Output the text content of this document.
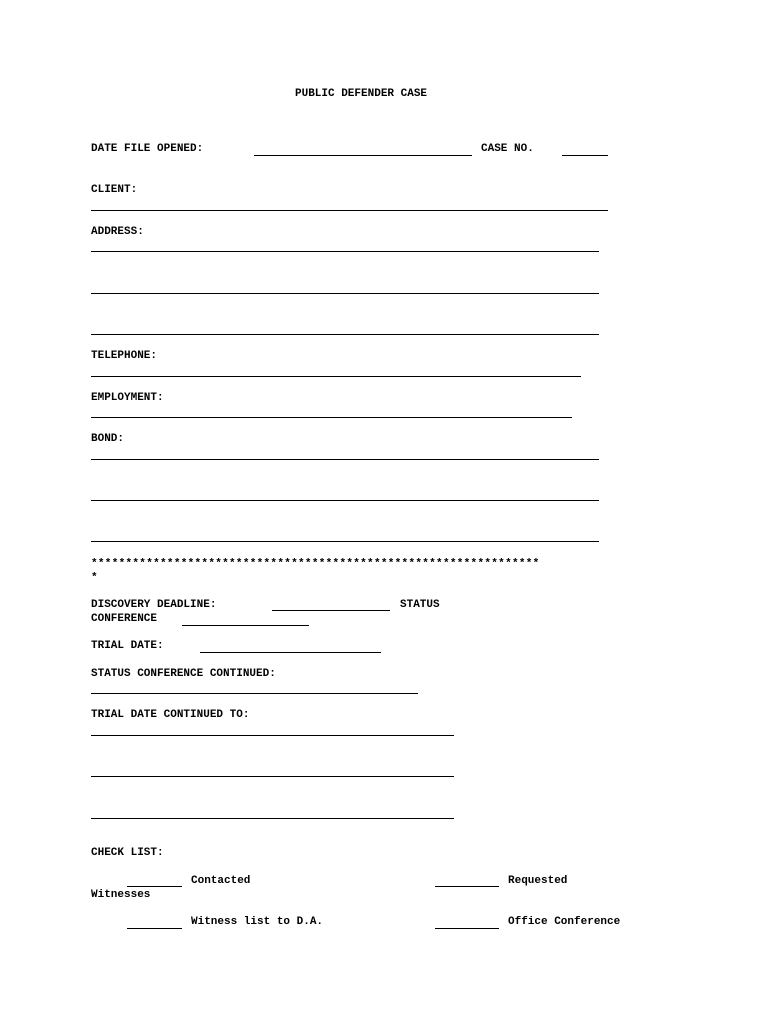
PUBLIC DEFENDER CASE
DATE FILE OPENED:	CASE NO.
CLIENT:
ADDRESS:
TELEPHONE:
EMPLOYMENT:
BOND:
*****************************************************************
*
DISCOVERY DEADLINE:	STATUS
CONFERENCE
TRIAL DATE:
STATUS CONFERENCE CONTINUED:
TRIAL DATE CONTINUED TO:
CHECK LIST:
Contacted	Requested
Witnesses
Witness list to D.A.	Office Conference
